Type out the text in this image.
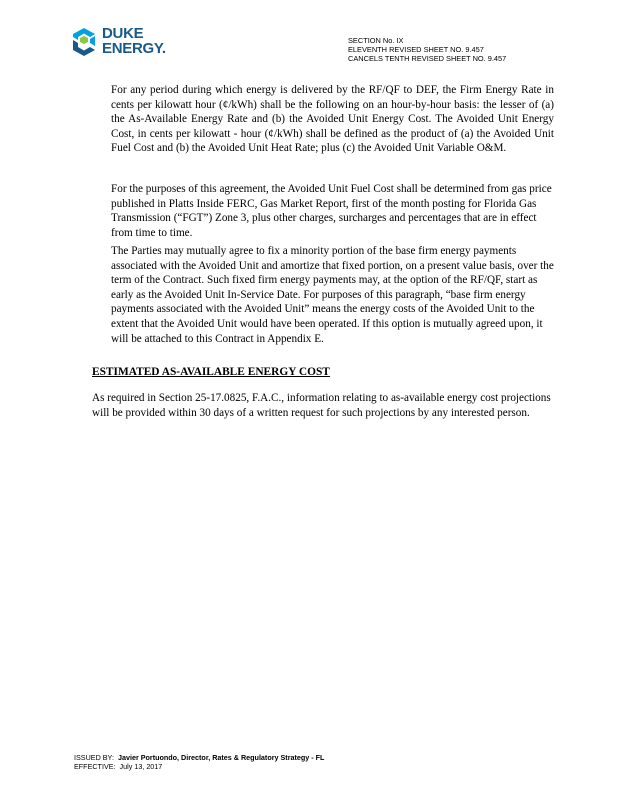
DUKE
ENERGY.	SECTION No. IX
ELEVENTH REVISED SHEET NO. 9.457
CANCELS TENTH REVISED SHEET NO. 9.457

For any period during which energy is delivered by the RF/QF to DEF, the Firm Energy Rate in cents per kilowatt hour (¢/kWh) shall be the following on an hour-by-hour basis: the lesser of (a) the As-Available Energy Rate and (b) the Avoided Unit Energy Cost. The Avoided Unit Energy Cost, in cents per kilowatt - hour (¢/kWh) shall be defined as the product of (a) the Avoided Unit Fuel Cost and (b) the Avoided Unit Heat Rate; plus (c) the Avoided Unit Variable O&M.

For the purposes of this agreement, the Avoided Unit Fuel Cost shall be determined from gas price published in Platts Inside FERC, Gas Market Report, first of the month posting for Florida Gas Transmission (“FGT”) Zone 3, plus other charges, surcharges and percentages that are in effect from time to time.

The Parties may mutually agree to fix a minority portion of the base firm energy payments associated with the Avoided Unit and amortize that fixed portion, on a present value basis, over the term of the Contract. Such fixed firm energy payments may, at the option of the RF/QF, start as early as the Avoided Unit In-Service Date. For purposes of this paragraph, “base firm energy payments associated with the Avoided Unit” means the energy costs of the Avoided Unit to the extent that the Avoided Unit would have been operated. If this option is mutually agreed upon, it will be attached to this Contract in Appendix E.

ESTIMATED AS-AVAILABLE ENERGY COST

As required in Section 25-17.0825, F.A.C., information relating to as-available energy cost projections will be provided within 30 days of a written request for such projections by any interested person.

ISSUED BY: Javier Portuondo, Director, Rates & Regulatory Strategy - FL
EFFECTIVE: July 13, 2017
